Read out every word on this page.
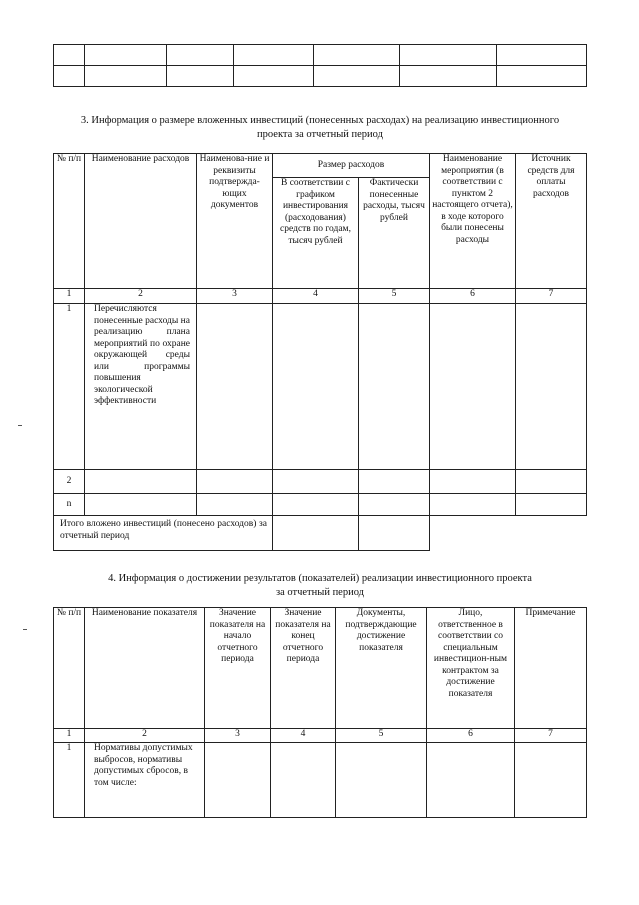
3. Информация о размере вложенных инвестиций (понесенных расходах) на реализацию инвестиционного
проекта за отчетный период
№ п/п	Наименование расходов	Наименова-ние и реквизиты подтвержда-ющих документов	Размер расходов		Наименование мероприятия (в соответствии с пунктом 2 настоящего отчета), в ходе которого были понесены расходы	Источник средств для оплаты расходов
			В соответствии с графиком инвестирования (расходования) средств по годам, тысяч рублей	Фактически понесенные расходы, тысяч рублей		
1	2	3	4	5	6	7
1	Перечисляются понесенные расходы на реализацию плана мероприятий по охране окружающей среды или программы повышения экологической эффективности					
2						
n						
Итого вложено инвестиций (понесено расходов) за отчетный период						
4. Информация о достижении результатов (показателей) реализации инвестиционного проекта
за отчетный период
№ п/п	Наименование показателя	Значение показателя на начало отчетного периода	Значение показателя на конец отчетного периода	Документы, подтверждающие достижение показателя	Лицо, ответственное в соответствии со специальным инвестицион-ным контрактом за достижение показателя	Примечание
1	2	3	4	5	6	7
1	Нормативы допустимых выбросов, нормативы допустимых сбросов, в том числе:					
